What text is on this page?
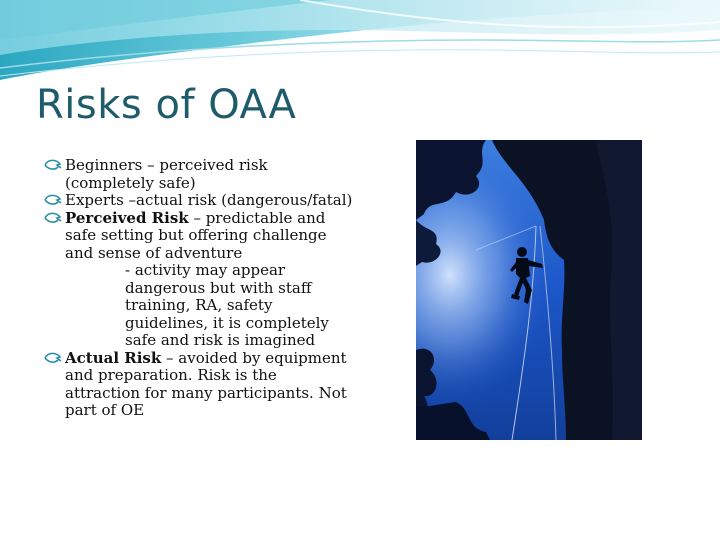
Risks of OAA
Beginners – perceived risk (completely safe)
Experts –actual risk (dangerous/fatal)
Perceived Risk – predictable and safe setting but offering challenge and sense of adventure
- activity may appear dangerous but with staff training, RA, safety guidelines, it is completely safe and risk is imagined
Actual Risk – avoided by equipment and preparation. Risk is the attraction for many participants. Not part of OE
